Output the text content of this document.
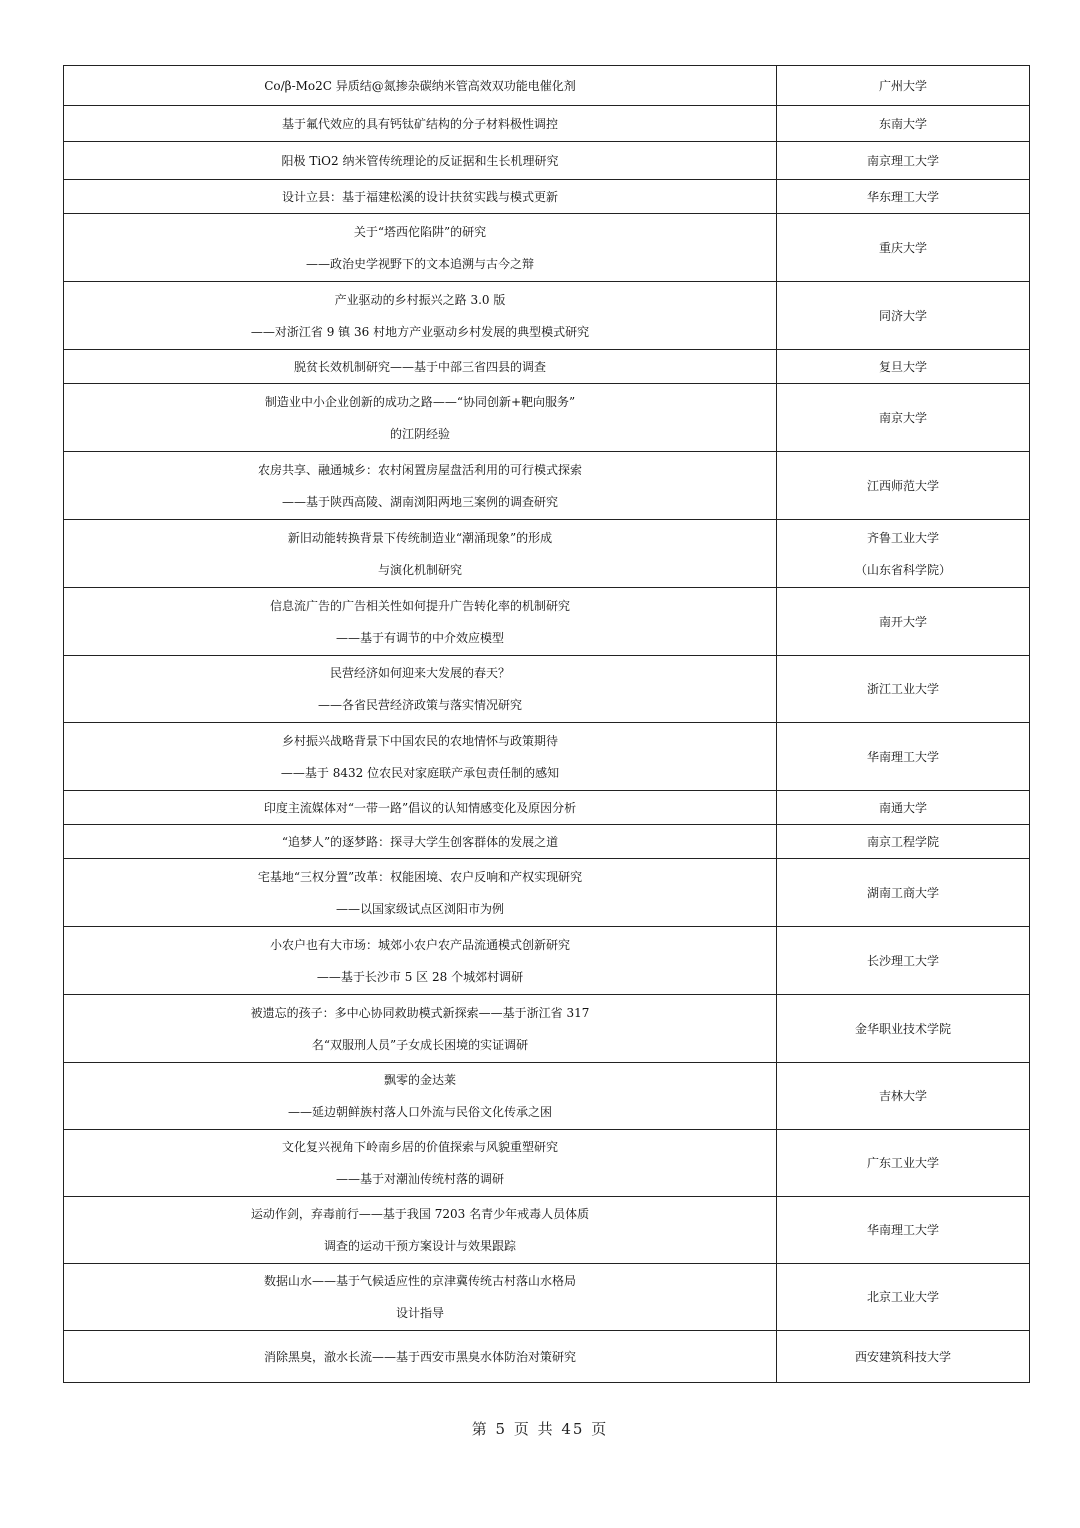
Co/β-Mo2C 异质结@氮掺杂碳纳米管高效双功能电催化剂	广州大学

基于氟代效应的具有钙钛矿结构的分子材料极性调控	东南大学

阳极 TiO2 纳米管传统理论的反证据和生长机理研究	南京理工大学

设计立县：基于福建松溪的设计扶贫实践与模式更新	华东理工大学

关于“塔西佗陷阱”的研究
——政治史学视野下的文本追溯与古今之辩	重庆大学

产业驱动的乡村振兴之路 3.0 版
——对浙江省 9 镇 36 村地方产业驱动乡村发展的典型模式研究	同济大学

脱贫长效机制研究——基于中部三省四县的调查	复旦大学

制造业中小企业创新的成功之路——“协同创新+靶向服务”
的江阴经验	南京大学

农房共享、融通城乡：农村闲置房屋盘活利用的可行模式探索
——基于陕西高陵、湖南浏阳两地三案例的调查研究	江西师范大学

新旧动能转换背景下传统制造业“潮涌现象”的形成
与演化机制研究	齐鲁工业大学
（山东省科学院）

信息流广告的广告相关性如何提升广告转化率的机制研究
——基于有调节的中介效应模型	南开大学

民营经济如何迎来大发展的春天？
——各省民营经济政策与落实情况研究	浙江工业大学

乡村振兴战略背景下中国农民的农地情怀与政策期待
——基于 8432 位农民对家庭联产承包责任制的感知	华南理工大学

印度主流媒体对“一带一路”倡议的认知情感变化及原因分析	南通大学

“追梦人”的逐梦路：探寻大学生创客群体的发展之道	南京工程学院

宅基地“三权分置”改革：权能困境、农户反响和产权实现研究
——以国家级试点区浏阳市为例	湖南工商大学

小农户也有大市场：城郊小农户农产品流通模式创新研究
——基于长沙市 5 区 28 个城郊村调研	长沙理工大学

被遗忘的孩子：多中心协同救助模式新探索——基于浙江省 317
名“双服刑人员”子女成长困境的实证调研	金华职业技术学院

飘零的金达莱
——延边朝鲜族村落人口外流与民俗文化传承之困	吉林大学

文化复兴视角下岭南乡居的价值探索与风貌重塑研究
——基于对潮汕传统村落的调研	广东工业大学

运动作剑，弃毒前行——基于我国 7203 名青少年戒毒人员体质
调查的运动干预方案设计与效果跟踪	华南理工大学

数据山水——基于气候适应性的京津冀传统古村落山水格局
设计指导	北京工业大学

消除黑臭，澈水长流——基于西安市黑臭水体防治对策研究	西安建筑科技大学
第 5 页 共 45 页
